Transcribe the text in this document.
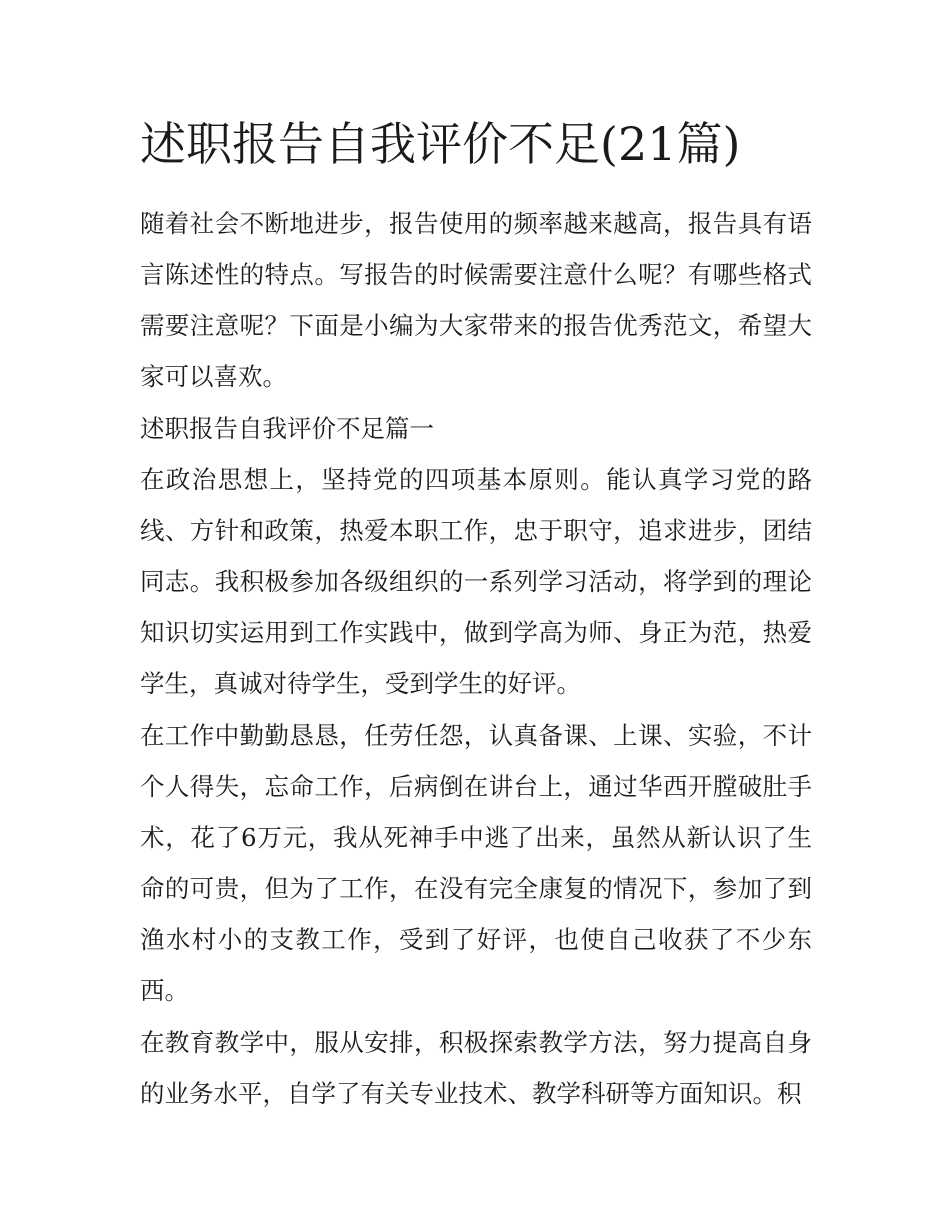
述职报告自我评价不足(21篇)

随着社会不断地进步，报告使用的频率越来越高，报告具有语言陈述性的特点。写报告的时候需要注意什么呢？有哪些格式需要注意呢？下面是小编为大家带来的报告优秀范文，希望大家可以喜欢。

述职报告自我评价不足篇一

在政治思想上，坚持党的四项基本原则。能认真学习党的路线、方针和政策，热爱本职工作，忠于职守，追求进步，团结同志。我积极参加各级组织的一系列学习活动，将学到的理论知识切实运用到工作实践中，做到学高为师、身正为范，热爱学生，真诚对待学生，受到学生的好评。

在工作中勤勤恳恳，任劳任怨，认真备课、上课、实验，不计个人得失，忘命工作，后病倒在讲台上，通过华西开膛破肚手术，花了6万元，我从死神手中逃了出来，虽然从新认识了生命的可贵，但为了工作，在没有完全康复的情况下，参加了到渔水村小的支教工作，受到了好评，也使自己收获了不少东西。

在教育教学中，服从安排，积极探索教学方法，努力提高自身的业务水平，自学了有关专业技术、教学科研等方面知识。积
